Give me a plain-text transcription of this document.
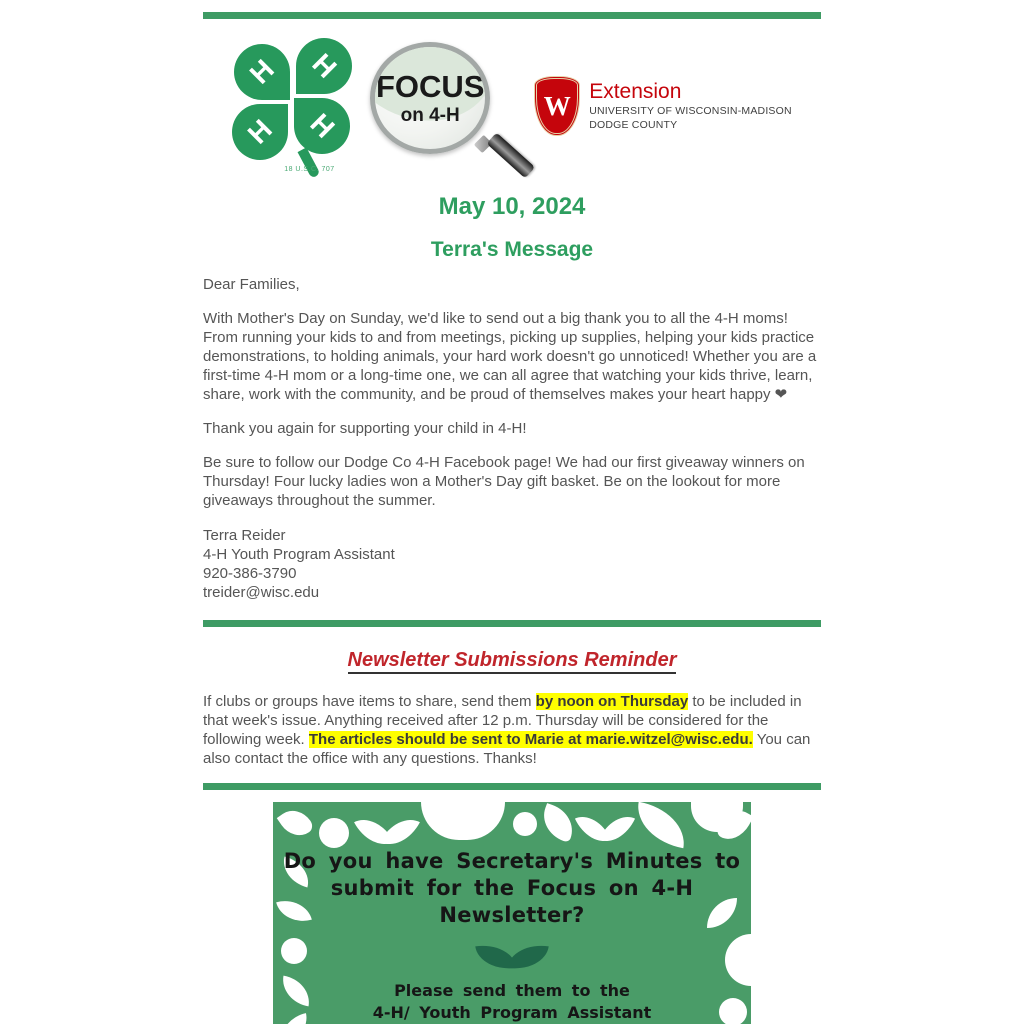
H H
H H
18 U.S.C. 707
FOCUS
on 4-H	W Extension
UNIVERSITY OF WISCONSIN-MADISON
DODGE COUNTY
May 10, 2024
Terra's Message
Dear Families,
With Mother's Day on Sunday, we'd like to send out a big thank you to all the 4-H moms! From running your kids to and from meetings, picking up supplies, helping your kids practice demonstrations, to holding animals, your hard work doesn't go unnoticed! Whether you are a first-time 4-H mom or a long-time one, we can all agree that watching your kids thrive, learn, share, work with the community, and be proud of themselves makes your heart happy ❤
Thank you again for supporting your child in 4-H!
Be sure to follow our Dodge Co 4-H Facebook page! We had our first giveaway winners on Thursday! Four lucky ladies won a Mother's Day gift basket. Be on the lookout for more giveaways throughout the summer.
Terra Reider
4-H Youth Program Assistant
920-386-3790
treider@wisc.edu
Newsletter Submissions Reminder
If clubs or groups have items to share, send them by noon on Thursday to be included in that week's issue. Anything received after 12 p.m. Thursday will be considered for the following week. The articles should be sent to Marie at marie.witzel@wisc.edu. You can also contact the office with any questions. Thanks!
Do you have Secretary's Minutes to
submit for the Focus on 4-H
Newsletter?
Please send them to the
4-H/ Youth Program Assistant
